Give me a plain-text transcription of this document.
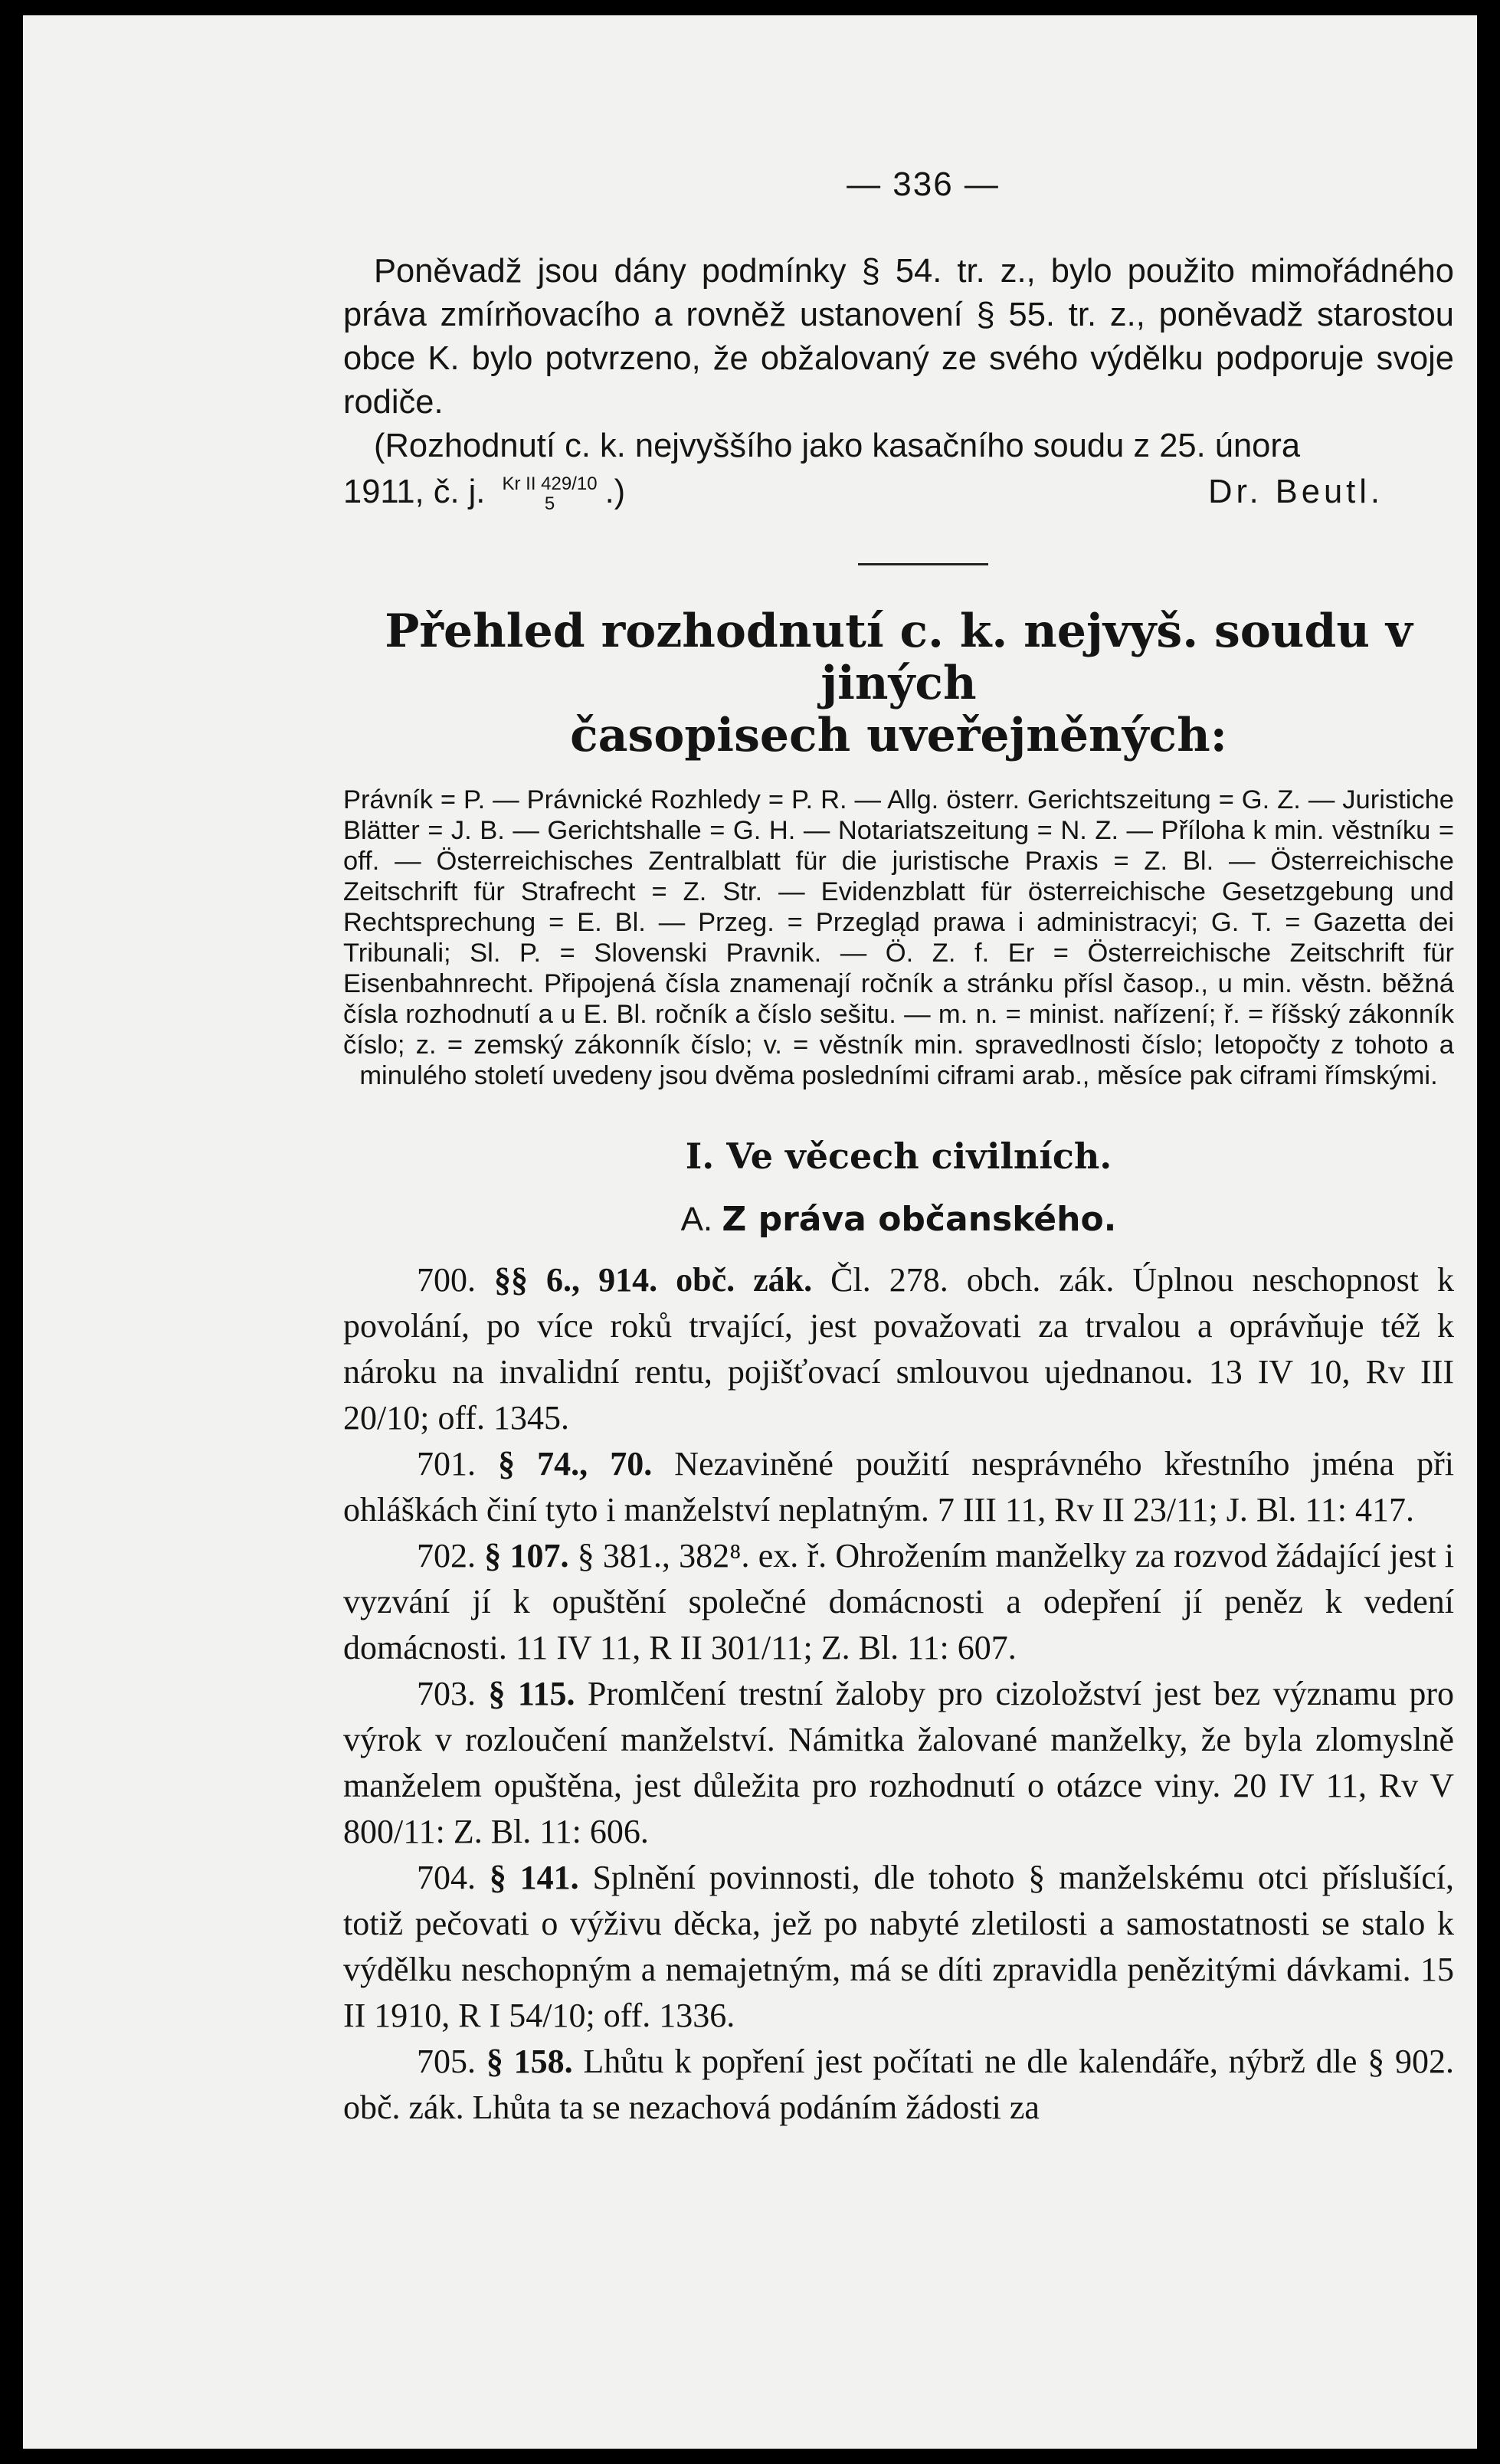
— 336 —

Poněvadž jsou dány podmínky § 54. tr. z., bylo použito mimořádného práva zmírňovacího a rovněž ustanovení § 55. tr. z., poněvadž starostou obce K. bylo potvrzeno, že obžalovaný ze svého výdělku podporuje svoje rodiče.

(Rozhodnutí c. k. nejvyššího jako kasačního soudu z 25. února

1911, č. j. Kr II 429/10
5	.)	Dr. Beutl.
Přehled rozhodnutí c. k. nejvyš. soudu v jiných
časopisech uveřejněných:

Právník = P. — Právnické Rozhledy = P. R. — Allg. österr. Gerichtszeitung = G. Z. — Juristiche Blätter = J. B. — Gerichtshalle = G. H. — Notariatszeitung = N. Z. — Příloha k min. věstníku = off. — Österreichisches Zentralblatt für die juristische Praxis = Z. Bl. — Österreichische Zeitschrift für Strafrecht = Z. Str. — Evidenzblatt für österreichische Gesetzgebung und Rechtsprechung = E. Bl. — Przeg. = Przegląd prawa i administracyi; G. T. = Gazetta dei Tribunali; Sl. P. = Slovenski Pravnik. — Ö. Z. f. Er = Österreichische Zeitschrift für Eisenbahnrecht. Připojená čísla znamenají ročník a stránku přísl časop., u min. věstn. běžná čísla rozhodnutí a u E. Bl. ročník a číslo sešitu. — m. n. = minist. nařízení; ř. = říšský zákonník číslo; z. = zemský zákonník číslo; v. = věstník min. spravedlnosti číslo; letopočty z tohoto a minulého století uvedeny jsou dvěma posledními ciframi arab., měsíce pak ciframi římskými.

I. Ve věcech civilních.
A. Z práva občanského.

700. §§ 6., 914. obč. zák. Čl. 278. obch. zák. Úplnou neschopnost k povolání, po více roků trvající, jest považovati za trvalou a oprávňuje též k nároku na invalidní rentu, pojišťovací smlouvou ujednanou. 13 IV 10, Rv III 20/10; off. 1345.

701. § 74., 70. Nezaviněné použití nesprávného křestního jména při ohláškách činí tyto i manželství neplatným. 7 III 11, Rv II 23/11; J. Bl. 11: 417.

702. § 107. § 381., 382⁸. ex. ř. Ohrožením manželky za rozvod žádající jest i vyzvání jí k opuštění společné domácnosti a odepření jí peněz k vedení domácnosti. 11 IV 11, R II 301/11; Z. Bl. 11: 607.

703. § 115. Promlčení trestní žaloby pro cizoložství jest bez významu pro výrok v rozloučení manželství. Námitka žalované manželky, že byla zlomyslně manželem opuštěna, jest důležita pro rozhodnutí o otázce viny. 20 IV 11, Rv V 800/11: Z. Bl. 11: 606.

704. § 141. Splnění povinnosti, dle tohoto § manželskému otci příslušící, totiž pečovati o výživu děcka, jež po nabyté zletilosti a samostatnosti se stalo k výdělku neschopným a nemajetným, má se díti zpravidla penězitými dávkami. 15 II 1910, R I 54/10; off. 1336.

705. § 158. Lhůtu k popření jest počítati ne dle kalendáře, nýbrž dle § 902. obč. zák. Lhůta ta se nezachová podáním žádosti za
